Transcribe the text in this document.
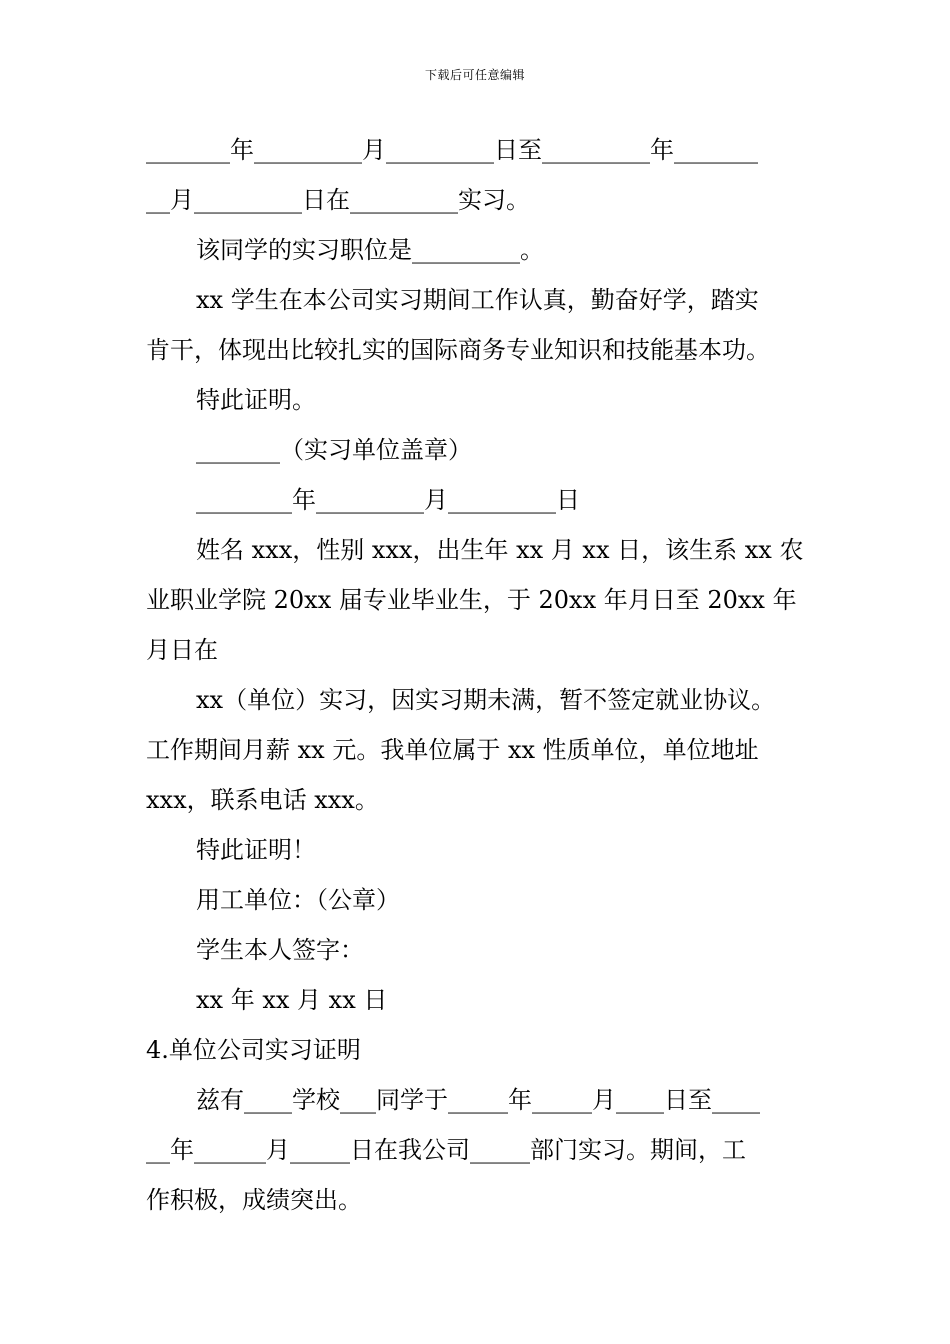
下载后可任意编辑
_______年_________月_________日至_________年_______
__月_________日在_________实习。
该同学的实习职位是_________。
xx 学生在本公司实习期间工作认真，勤奋好学，踏实
肯干，体现出比较扎实的国际商务专业知识和技能基本功。
特此证明。
_______（实习单位盖章）
________年_________月_________日
姓名 xxx，性别 xxx，出生年 xx 月 xx 日，该生系 xx 农
业职业学院 20xx 届专业毕业生，于 20xx 年月日至 20xx 年
月日在
xx（单位）实习，因实习期未满，暂不签定就业协议。
工作期间月薪 xx 元。我单位属于 xx 性质单位，单位地址
xxx，联系电话 xxx。
特此证明！
用工单位：（公章）
学生本人签字：
xx 年 xx 月 xx 日
4.单位公司实习证明
兹有____学校___同学于_____年_____月____日至____
__年______月_____日在我公司_____部门实习。期间，工
作积极，成绩突出。
